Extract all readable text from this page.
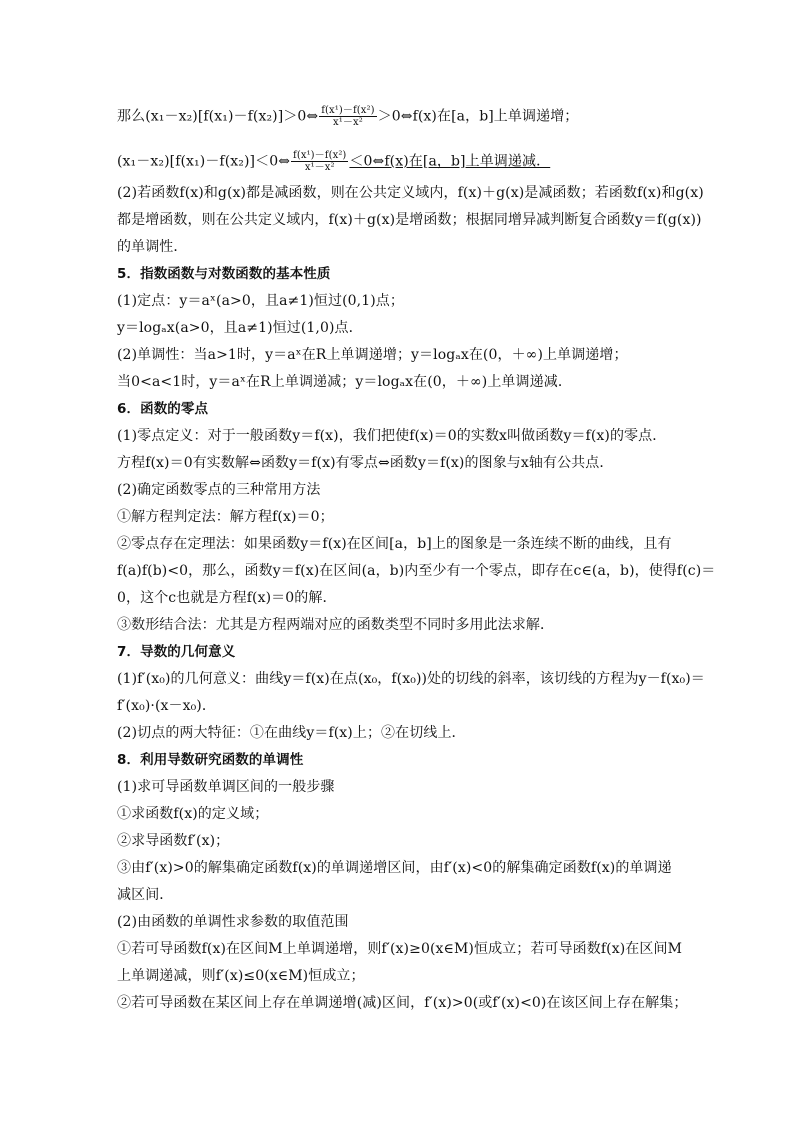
那么(x₁－x₂)[f(x₁)－f(x₂)]＞0⇔ $\frac{\text{f(x¹)－f(x²)}}{\text{x¹－x²}}$ ＞0⇔f(x)在[a，b]上单调递增；
(x₁－x₂)[f(x₁)－f(x₂)]＜0⇔ $\frac{\text{f(x¹)－f(x²)}}{\text{x¹－x²}}$ ＜0⇔f(x)在[a，b]上单调递减．
(2)若函数f(x)和g(x)都是减函数，则在公共定义域内，f(x)＋g(x)是减函数；若函数f(x)和g(x)
都是增函数，则在公共定义域内，f(x)＋g(x)是增函数；根据同增异减判断复合函数y＝f(g(x))
的单调性．
5．指数函数与对数函数的基本性质
(1)定点：y＝aˣ(a>0，且a≠1)恒过(0,1)点；
y＝logₐx(a>0，且a≠1)恒过(1,0)点．
(2)单调性：当a>1时，y＝aˣ在R上单调递增；y＝logₐx在(0，＋∞)上单调递增；
当0<a<1时，y＝aˣ在R上单调递减；y＝logₐx在(0，＋∞)上单调递减．
6．函数的零点
(1)零点定义：对于一般函数y＝f(x)，我们把使f(x)＝0的实数x叫做函数y＝f(x)的零点．
方程f(x)＝0有实数解⇔函数y＝f(x)有零点⇔函数y＝f(x)的图象与x轴有公共点．
(2)确定函数零点的三种常用方法
①解方程判定法：解方程f(x)＝0；
②零点存在定理法：如果函数y＝f(x)在区间[a，b]上的图象是一条连续不断的曲线，且有
f(a)f(b)<0，那么，函数y＝f(x)在区间(a，b)内至少有一个零点，即存在c∈(a，b)，使得f(c)＝
0，这个c也就是方程f(x)＝0的解．
③数形结合法：尤其是方程两端对应的函数类型不同时多用此法求解．
7．导数的几何意义
(1)f′(x₀)的几何意义：曲线y＝f(x)在点(x₀，f(x₀))处的切线的斜率，该切线的方程为y－f(x₀)＝
f′(x₀)·(x－x₀)．
(2)切点的两大特征：①在曲线y＝f(x)上；②在切线上．
8．利用导数研究函数的单调性
(1)求可导函数单调区间的一般步骤
①求函数f(x)的定义域；
②求导函数f′(x)；
③由f′(x)>0的解集确定函数f(x)的单调递增区间，由f′(x)<0的解集确定函数f(x)的单调递
减区间．
(2)由函数的单调性求参数的取值范围
①若可导函数f(x)在区间M上单调递增，则f′(x)≥0(x∈M)恒成立；若可导函数f(x)在区间M
上单调递减，则f′(x)≤0(x∈M)恒成立；
②若可导函数在某区间上存在单调递增(减)区间，f′(x)>0(或f′(x)<0)在该区间上存在解集；
